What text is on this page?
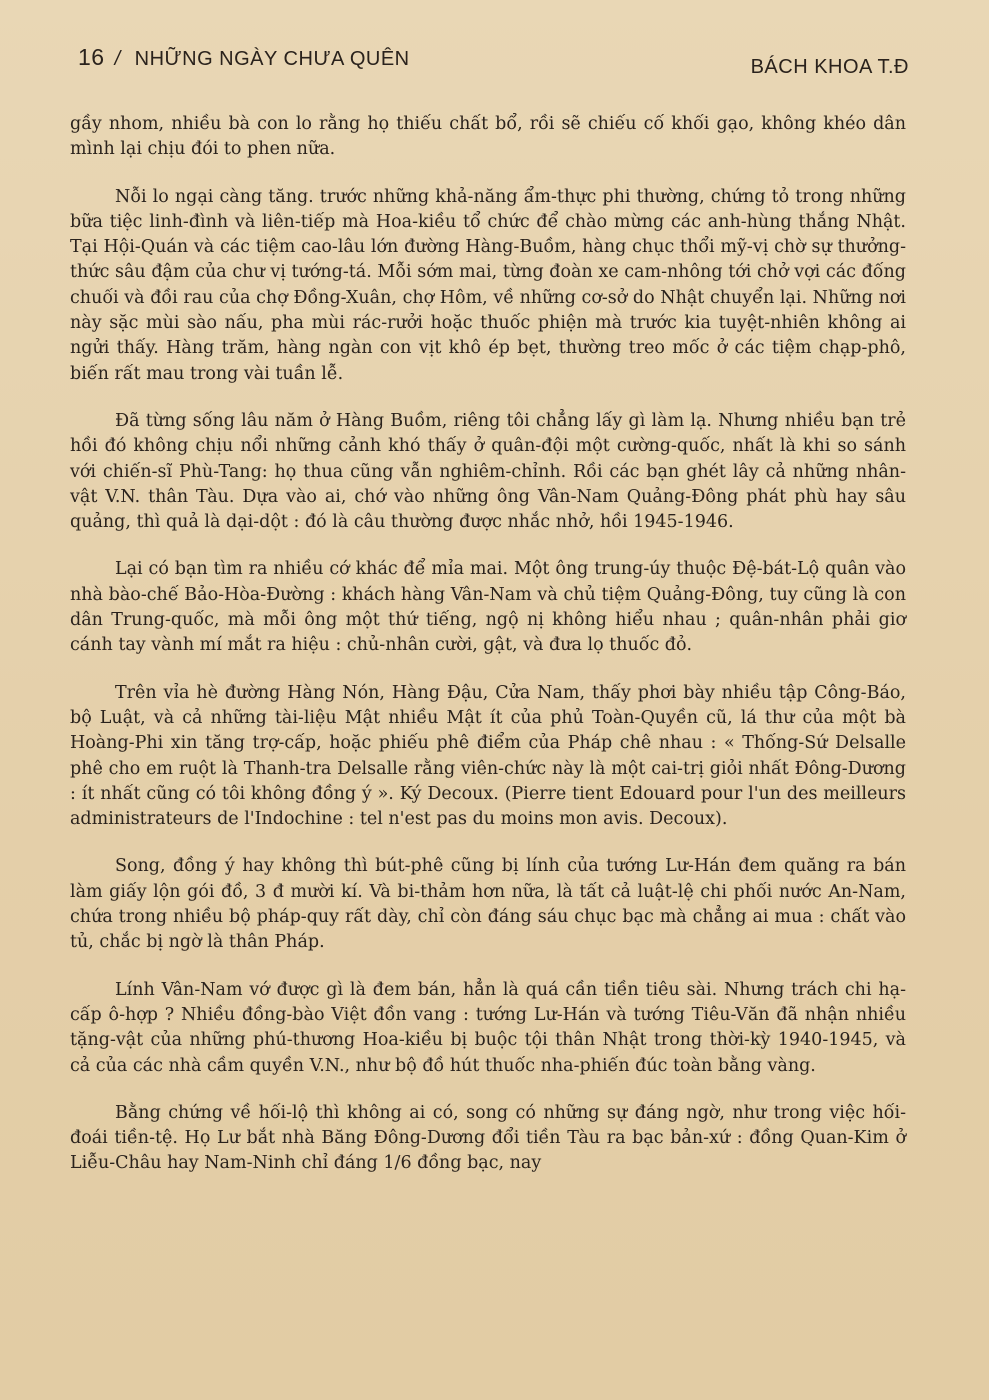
16 / NHỮNG NGÀY CHƯA QUÊN	BÁCH KHOA T.Đ

gầy nhom, nhiều bà con lo rằng họ thiếu chất bổ, rồi sẽ chiếu cố khối gạo, không khéo dân mình lại chịu đói to phen nữa.

Nỗi lo ngại càng tăng. trước những khả-năng ẩm-thực phi thường, chứng tỏ trong những bữa tiệc linh-đình và liên-tiếp mà Hoa-kiều tổ chức để chào mừng các anh-hùng thắng Nhật. Tại Hội-Quán và các tiệm cao-lâu lớn đường Hàng-Buồm, hàng chục thổi mỹ-vị chờ sự thưởng-thức sâu đậm của chư vị tướng-tá. Mỗi sớm mai, từng đoàn xe cam-nhông tới chở vợi các đống chuối và đồi rau của chợ Đồng-Xuân, chợ Hôm, về những cơ-sở do Nhật chuyển lại. Những nơi này sặc mùi sào nấu, pha mùi rác-rưởi hoặc thuốc phiện mà trước kia tuyệt-nhiên không ai ngửi thấy. Hàng trăm, hàng ngàn con vịt khô ép bẹt, thường treo mốc ở các tiệm chạp-phô, biến rất mau trong vài tuần lễ.

Đã từng sống lâu năm ở Hàng Buồm, riêng tôi chẳng lấy gì làm lạ. Nhưng nhiều bạn trẻ hồi đó không chịu nổi những cảnh khó thấy ở quân-đội một cường-quốc, nhất là khi so sánh với chiến-sĩ Phù-Tang: họ thua cũng vẫn nghiêm-chỉnh. Rồi các bạn ghét lây cả những nhân-vật V.N. thân Tàu. Dựa vào ai, chớ vào những ông Vân-Nam Quảng-Đông phát phù hay sâu quảng, thì quả là dại-dột : đó là câu thường được nhắc nhở, hồi 1945-1946.

Lại có bạn tìm ra nhiều cớ khác để mỉa mai. Một ông trung-úy thuộc Đệ-bát-Lộ quân vào nhà bào-chế Bảo-Hòa-Đường : khách hàng Vân-Nam và chủ tiệm Quảng-Đông, tuy cũng là con dân Trung-quốc, mà mỗi ông một thứ tiếng, ngộ nị không hiểu nhau ; quân-nhân phải giơ cánh tay vành mí mắt ra hiệu : chủ-nhân cười, gật, và đưa lọ thuốc đỏ.

Trên vỉa hè đường Hàng Nón, Hàng Đậu, Cửa Nam, thấy phơi bày nhiều tập Công-Báo, bộ Luật, và cả những tài-liệu Mật nhiều Mật ít của phủ Toàn-Quyền cũ, lá thư của một bà Hoàng-Phi xin tăng trợ-cấp, hoặc phiếu phê điểm của Pháp chê nhau : « Thống-Sứ Delsalle phê cho em ruột là Thanh-tra Delsalle rằng viên-chức này là một cai-trị giỏi nhất Đông-Dương : ít nhất cũng có tôi không đồng ý ». Ký Decoux. (Pierre tient Edouard pour l'un des meilleurs administrateurs de l'Indochine : tel n'est pas du moins mon avis. Decoux).

Song, đồng ý hay không thì bút-phê cũng bị lính của tướng Lư-Hán đem quăng ra bán làm giấy lộn gói đồ, 3 đ mười kí. Và bi-thảm hơn nữa, là tất cả luật-lệ chi phối nước An-Nam, chứa trong nhiều bộ pháp-quy rất dày, chỉ còn đáng sáu chục bạc mà chẳng ai mua : chất vào tủ, chắc bị ngờ là thân Pháp.

Lính Vân-Nam vớ được gì là đem bán, hẳn là quá cần tiền tiêu sài. Nhưng trách chi hạ-cấp ô-hợp ? Nhiều đồng-bào Việt đồn vang : tướng Lư-Hán và tướng Tiêu-Văn đã nhận nhiều tặng-vật của những phú-thương Hoa-kiều bị buộc tội thân Nhật trong thời-kỳ 1940-1945, và cả của các nhà cầm quyền V.N., như bộ đồ hút thuốc nha-phiến đúc toàn bằng vàng.

Bằng chứng về hối-lộ thì không ai có, song có những sự đáng ngờ, như trong việc hối-đoái tiền-tệ. Họ Lư bắt nhà Băng Đông-Dương đổi tiền Tàu ra bạc bản-xứ : đồng Quan-Kim ở Liễu-Châu hay Nam-Ninh chỉ đáng 1/6 đồng bạc, nay
